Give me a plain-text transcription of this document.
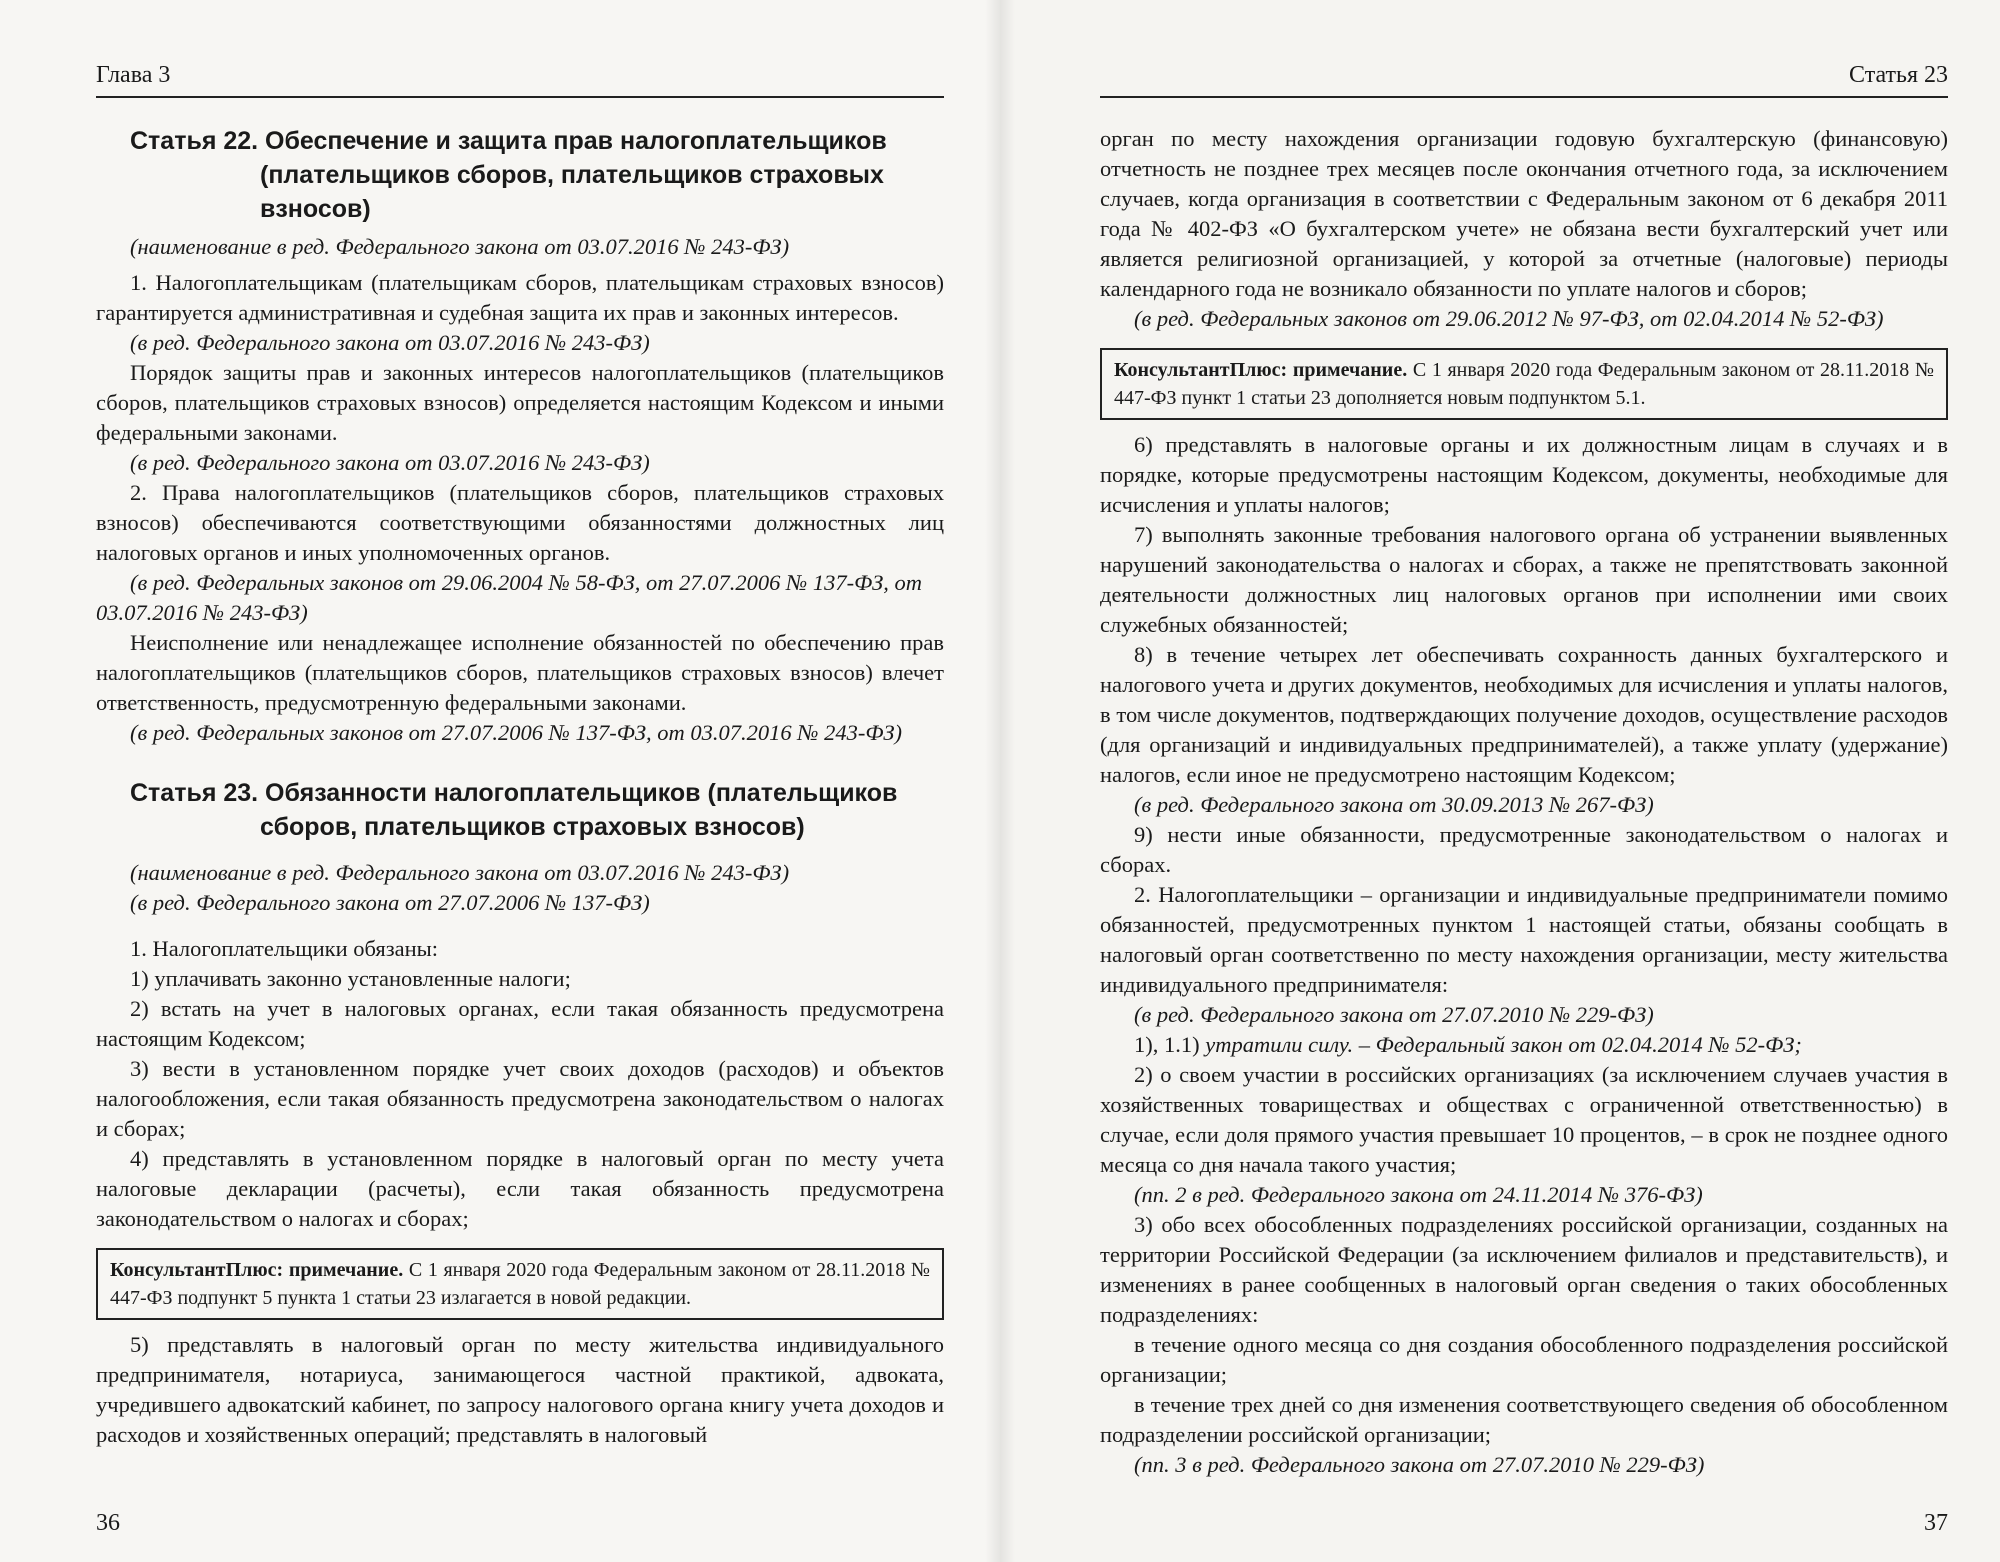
Глава 3
Статья 22. Обеспечение и защита прав налогоплательщиков
(плательщиков сборов, плательщиков страховых взносов)

(наименование в ред. Федерального закона от 03.07.2016 № 243-ФЗ)

1. Налогоплательщикам (плательщикам сборов, плательщикам страховых взносов) гарантируется административная и судебная защита их прав и законных интересов.

(в ред. Федерального закона от 03.07.2016 № 243-ФЗ)

Порядок защиты прав и законных интересов налогоплательщиков (плательщиков сборов, плательщиков страховых взносов) определяется настоящим Кодексом и иными федеральными законами.

(в ред. Федерального закона от 03.07.2016 № 243-ФЗ)

2. Права налогоплательщиков (плательщиков сборов, плательщиков страховых взносов) обеспечиваются соответствующими обязанностями должностных лиц налоговых органов и иных уполномоченных органов.

(в ред. Федеральных законов от 29.06.2004 № 58-ФЗ, от 27.07.2006 № 137-ФЗ, от 03.07.2016 № 243-ФЗ)

Неисполнение или ненадлежащее исполнение обязанностей по обеспечению прав налогоплательщиков (плательщиков сборов, плательщиков страховых взносов) влечет ответственность, предусмотренную федеральными законами.

(в ред. Федеральных законов от 27.07.2006 № 137-ФЗ, от 03.07.2016 № 243-ФЗ)

Статья 23. Обязанности налогоплательщиков (плательщиков
сборов, плательщиков страховых взносов)

(наименование в ред. Федерального закона от 03.07.2016 № 243-ФЗ)

(в ред. Федерального закона от 27.07.2006 № 137-ФЗ)

1. Налогоплательщики обязаны:

1) уплачивать законно установленные налоги;

2) встать на учет в налоговых органах, если такая обязанность предусмотрена настоящим Кодексом;

3) вести в установленном порядке учет своих доходов (расходов) и объектов налогообложения, если такая обязанность предусмотрена законодательством о налогах и сборах;

4) представлять в установленном порядке в налоговый орган по месту учета налоговые декларации (расчеты), если такая обязанность предусмотрена законодательством о налогах и сборах;

КонсультантПлюс: примечание. С 1 января 2020 года Федеральным законом от 28.11.2018 № 447-ФЗ подпункт 5 пункта 1 статьи 23 излагается в новой редакции.

5) представлять в налоговый орган по месту жительства индивидуального предпринимателя, нотариуса, занимающегося частной практикой, адвоката, учредившего адвокатский кабинет, по запросу налогового органа книгу учета доходов и расходов и хозяйственных операций; представлять в налоговый

36
Статья 23

орган по месту нахождения организации годовую бухгалтерскую (финансовую) отчетность не позднее трех месяцев после окончания отчетного года, за исключением случаев, когда организация в соответствии с Федеральным законом от 6 декабря 2011 года № 402-ФЗ «О бухгалтерском учете» не обязана вести бухгалтерский учет или является религиозной организацией, у которой за отчетные (налоговые) периоды календарного года не возникало обязанности по уплате налогов и сборов;

(в ред. Федеральных законов от 29.06.2012 № 97-ФЗ, от 02.04.2014 № 52-ФЗ)

КонсультантПлюс: примечание. С 1 января 2020 года Федеральным законом от 28.11.2018 № 447-ФЗ пункт 1 статьи 23 дополняется новым подпунктом 5.1.

6) представлять в налоговые органы и их должностным лицам в случаях и в порядке, которые предусмотрены настоящим Кодексом, документы, необходимые для исчисления и уплаты налогов;

7) выполнять законные требования налогового органа об устранении выявленных нарушений законодательства о налогах и сборах, а также не препятствовать законной деятельности должностных лиц налоговых органов при исполнении ими своих служебных обязанностей;

8) в течение четырех лет обеспечивать сохранность данных бухгалтерского и налогового учета и других документов, необходимых для исчисления и уплаты налогов, в том числе документов, подтверждающих получение доходов, осуществление расходов (для организаций и индивидуальных предпринимателей), а также уплату (удержание) налогов, если иное не предусмотрено настоящим Кодексом;

(в ред. Федерального закона от 30.09.2013 № 267-ФЗ)

9) нести иные обязанности, предусмотренные законодательством о налогах и сборах.

2. Налогоплательщики – организации и индивидуальные предприниматели помимо обязанностей, предусмотренных пунктом 1 настоящей статьи, обязаны сообщать в налоговый орган соответственно по месту нахождения организации, месту жительства индивидуального предпринимателя:

(в ред. Федерального закона от 27.07.2010 № 229-ФЗ)

1), 1.1) утратили силу. – Федеральный закон от 02.04.2014 № 52-ФЗ;

2) о своем участии в российских организациях (за исключением случаев участия в хозяйственных товариществах и обществах с ограниченной ответственностью) в случае, если доля прямого участия превышает 10 процентов, – в срок не позднее одного месяца со дня начала такого участия;

(пп. 2 в ред. Федерального закона от 24.11.2014 № 376-ФЗ)

3) обо всех обособленных подразделениях российской организации, созданных на территории Российской Федерации (за исключением филиалов и представительств), и изменениях в ранее сообщенных в налоговый орган сведения о таких обособленных подразделениях:

в течение одного месяца со дня создания обособленного подразделения российской организации;

в течение трех дней со дня изменения соответствующего сведения об обособленном подразделении российской организации;

(пп. 3 в ред. Федерального закона от 27.07.2010 № 229-ФЗ)

37
